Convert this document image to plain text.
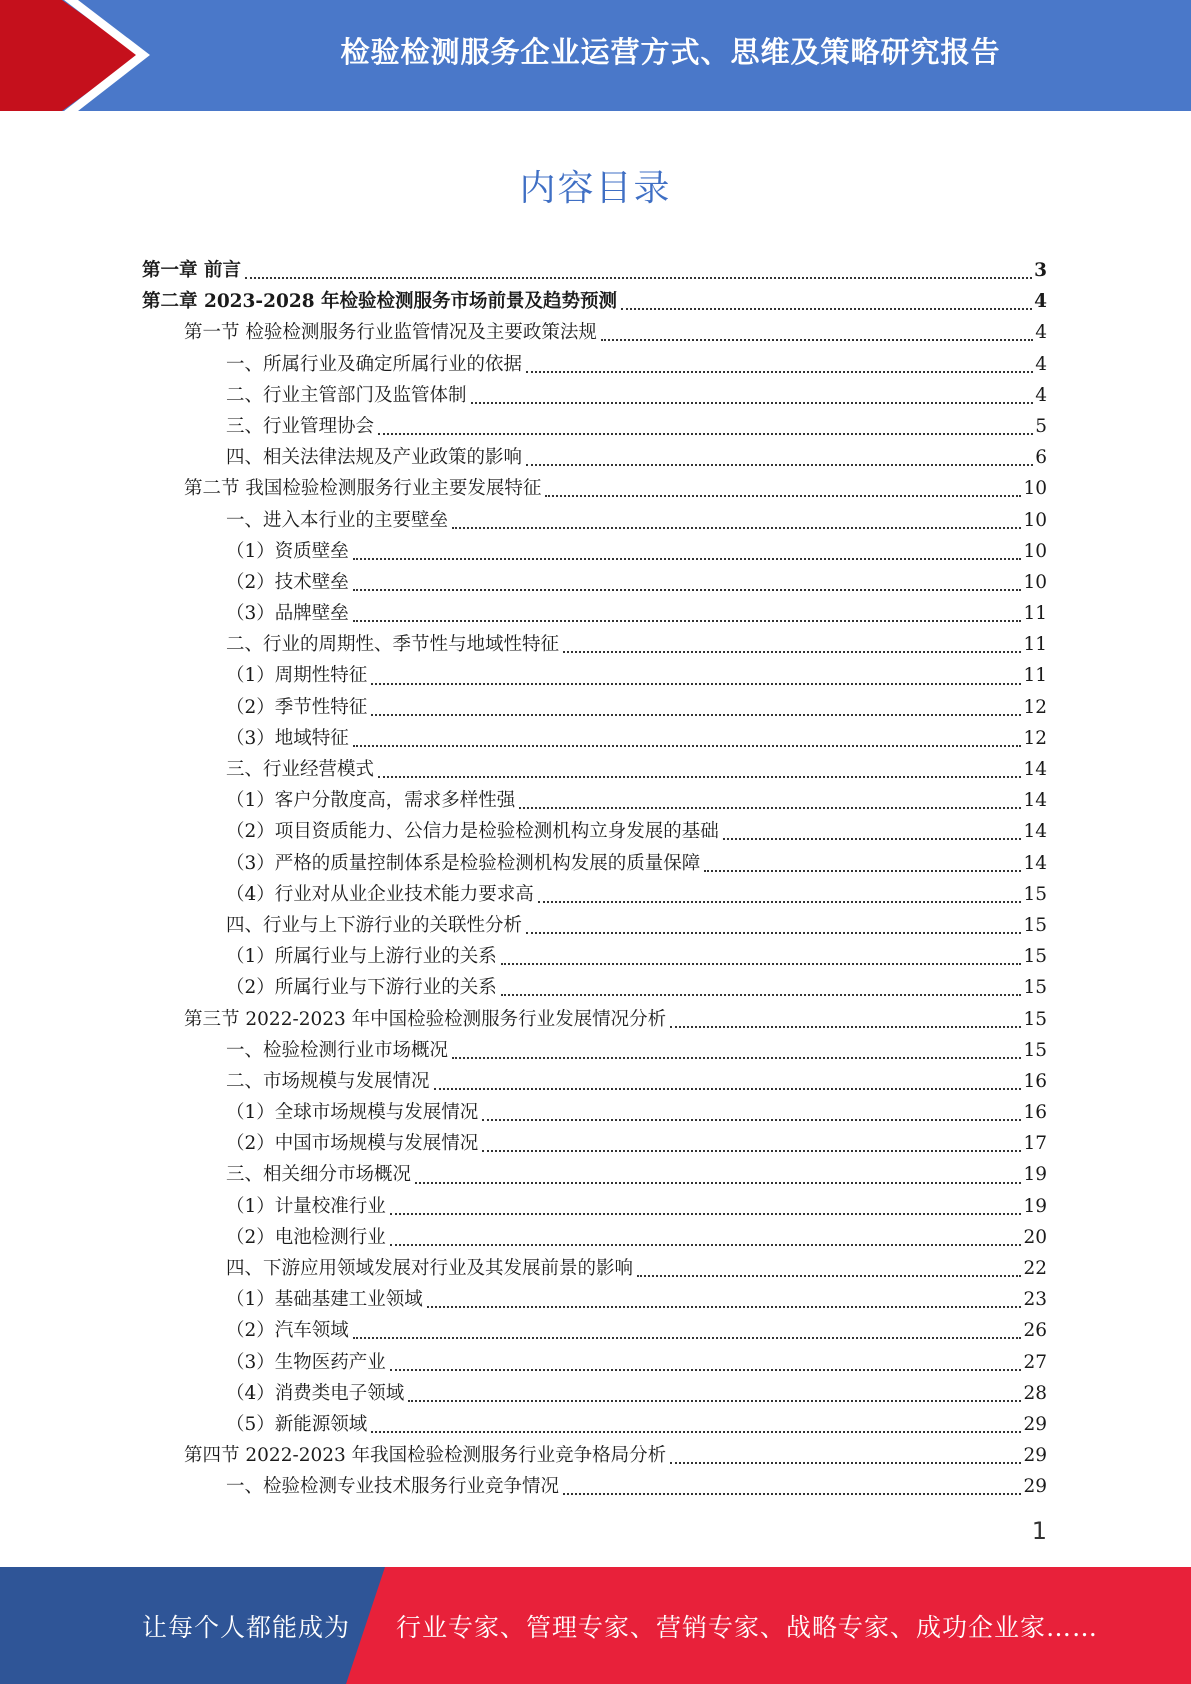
检验检测服务企业运营方式、思维及策略研究报告
内容目录
第一章 前言	3
第二章 2023-2028 年检验检测服务市场前景及趋势预测	4
第一节 检验检测服务行业监管情况及主要政策法规	4
一、所属行业及确定所属行业的依据	4
二、行业主管部门及监管体制	4
三、行业管理协会	5
四、相关法律法规及产业政策的影响	6
第二节 我国检验检测服务行业主要发展特征	10
一、进入本行业的主要壁垒	10
（1）资质壁垒	10
（2）技术壁垒	10
（3）品牌壁垒	11
二、行业的周期性、季节性与地域性特征	11
（1）周期性特征	11
（2）季节性特征	12
（3）地域特征	12
三、行业经营模式	14
（1）客户分散度高，需求多样性强	14
（2）项目资质能力、公信力是检验检测机构立身发展的基础	14
（3）严格的质量控制体系是检验检测机构发展的质量保障	14
（4）行业对从业企业技术能力要求高	15
四、行业与上下游行业的关联性分析	15
（1）所属行业与上游行业的关系	15
（2）所属行业与下游行业的关系	15
第三节 2022-2023 年中国检验检测服务行业发展情况分析	15
一、检验检测行业市场概况	15
二、市场规模与发展情况	16
（1）全球市场规模与发展情况	16
（2）中国市场规模与发展情况	17
三、相关细分市场概况	19
（1）计量校准行业	19
（2）电池检测行业	20
四、下游应用领域发展对行业及其发展前景的影响	22
（1）基础基建工业领域	23
（2）汽车领域	26
（3）生物医药产业	27
（4）消费类电子领域	28
（5）新能源领域	29
第四节 2022-2023 年我国检验检测服务行业竞争格局分析	29
一、检验检测专业技术服务行业竞争情况	29
1
让每个人都能成为 行业专家、管理专家、营销专家、战略专家、成功企业家……
